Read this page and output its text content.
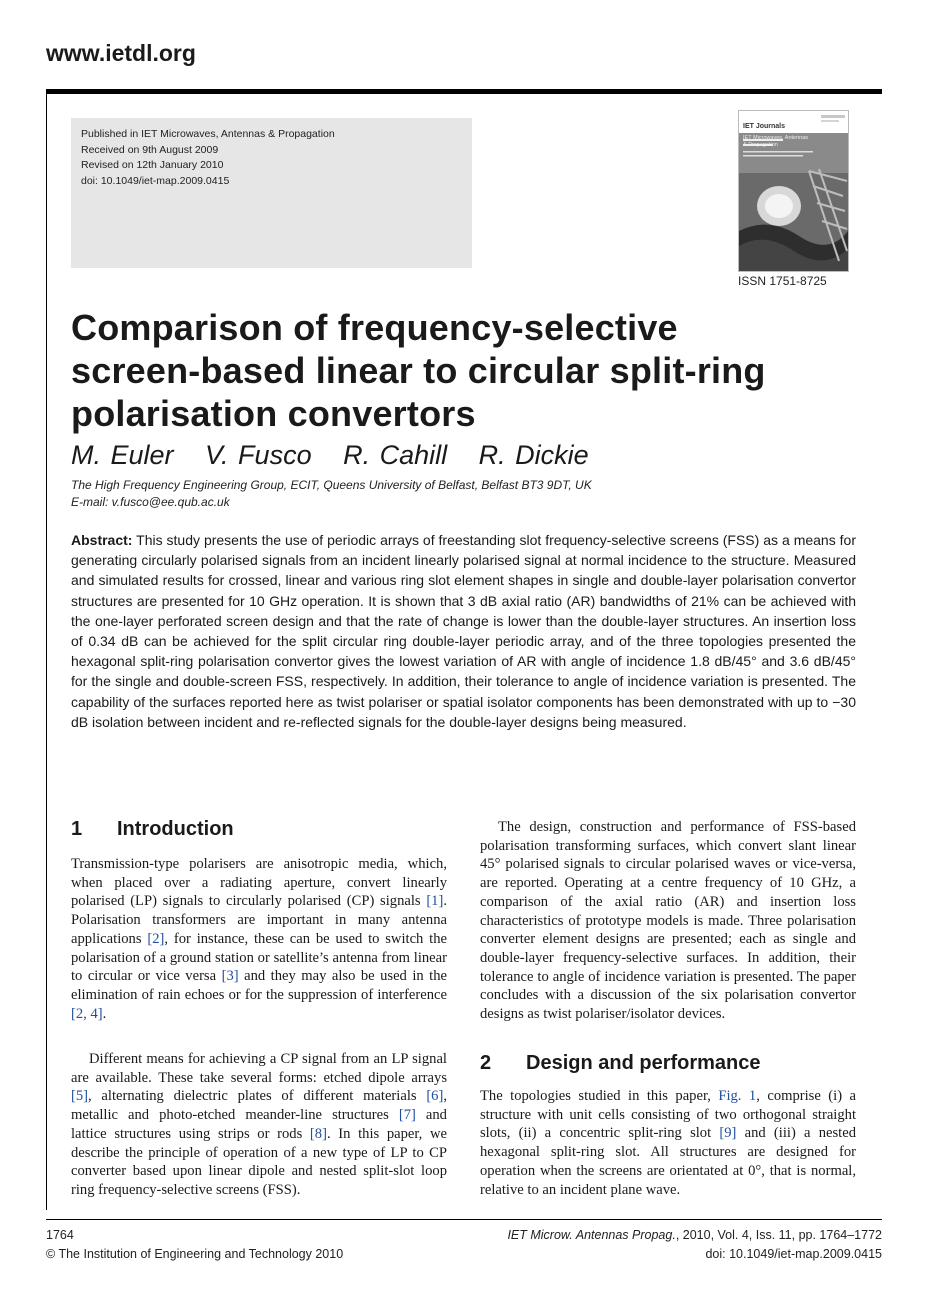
www.ietdl.org
Published in IET Microwaves, Antennas & Propagation
Received on 9th August 2009
Revised on 12th January 2010
doi: 10.1049/iet-map.2009.0415
IET Journals
IET Microwaves, Antennas
& Propagation
ISSN 1751-8725
Comparison of frequency-selective
screen-based linear to circular split-ring
polarisation convertors
M. Euler V. Fusco R. Cahill R. Dickie
The High Frequency Engineering Group, ECIT, Queens University of Belfast, Belfast BT3 9DT, UK
E-mail: v.fusco@ee.qub.ac.uk
Abstract: This study presents the use of periodic arrays of freestanding slot frequency-selective screens (FSS) as a means for generating circularly polarised signals from an incident linearly polarised signal at normal incidence to the structure. Measured and simulated results for crossed, linear and various ring slot element shapes in single and double-layer polarisation convertor structures are presented for 10 GHz operation. It is shown that 3 dB axial ratio (AR) bandwidths of 21% can be achieved with the one-layer perforated screen design and that the rate of change is lower than the double-layer structures. An insertion loss of 0.34 dB can be achieved for the split circular ring double-layer periodic array, and of the three topologies presented the hexagonal split-ring polarisation convertor gives the lowest variation of AR with angle of incidence 1.8 dB/45° and 3.6 dB/45° for the single and double-screen FSS, respectively. In addition, their tolerance to angle of incidence variation is presented. The capability of the surfaces reported here as twist polariser or spatial isolator components has been demonstrated with up to −30 dB isolation between incident and re-reflected signals for the double-layer designs being measured.
1 Introduction

Transmission-type polarisers are anisotropic media, which, when placed over a radiating aperture, convert linearly polarised (LP) signals to circularly polarised (CP) signals [1]. Polarisation transformers are important in many antenna applications [2], for instance, these can be used to switch the polarisation of a ground station or satellite’s antenna from linear to circular or vice versa [3] and they may also be used in the elimination of rain echoes or for the suppression of interference [2, 4].

Different means for achieving a CP signal from an LP signal are available. These take several forms: etched dipole arrays [5], alternating dielectric plates of different materials [6], metallic and photo-etched meander-line structures [7] and lattice structures using strips or rods [8]. In this paper, we describe the principle of operation of a new type of LP to CP converter based upon linear dipole and nested split-slot loop ring frequency-selective screens (FSS).

The design, construction and performance of FSS-based polarisation transforming surfaces, which convert slant linear 45° polarised signals to circular polarised waves or vice-versa, are reported. Operating at a centre frequency of 10 GHz, a comparison of the axial ratio (AR) and insertion loss characteristics of prototype models is made. Three polarisation converter element designs are presented; each as single and double-layer frequency-selective surfaces. In addition, their tolerance to angle of incidence variation is presented. The paper concludes with a discussion of the six polarisation convertor designs as twist polariser/isolator devices.

2 Design and performance

The topologies studied in this paper, Fig. 1, comprise (i) a structure with unit cells consisting of two orthogonal straight slots, (ii) a concentric split-ring slot [9] and (iii) a nested hexagonal split-ring slot. All structures are designed for operation when the screens are orientated at 0°, that is normal, relative to an incident plane wave.

1764
© The Institution of Engineering and Technology 2010
IET Microw. Antennas Propag., 2010, Vol. 4, Iss. 11, pp. 1764–1772
doi: 10.1049/iet-map.2009.0415
